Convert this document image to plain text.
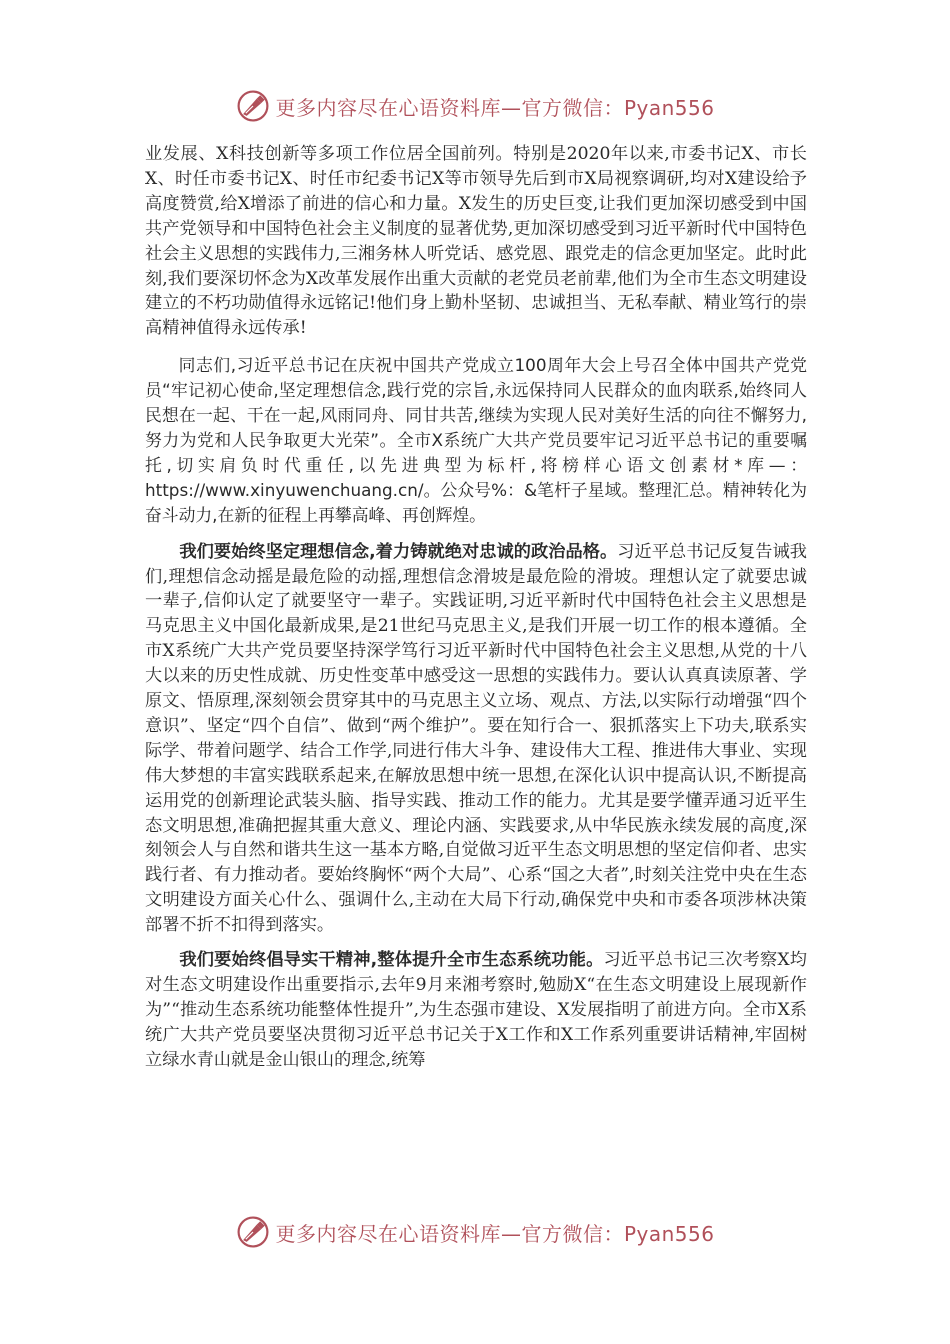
更多内容尽在心语资料库—官方微信：Pyan556

业发展、X科技创新等多项工作位居全国前列。特别是2020年以来,市委书记X、市长X、时任市委书记X、时任市纪委书记X等市领导先后到市X局视察调研,均对X建设给予高度赞赏,给X增添了前进的信心和力量。X发生的历史巨变,让我们更加深切感受到中国共产党领导和中国特色社会主义制度的显著优势,更加深切感受到习近平新时代中国特色社会主义思想的实践伟力,三湘务林人听党话、感党恩、跟党走的信念更加坚定。此时此刻,我们要深切怀念为X改革发展作出重大贡献的老党员老前辈,他们为全市生态文明建设建立的不朽功勋值得永远铭记!他们身上勤朴坚韧、忠诚担当、无私奉献、精业笃行的崇高精神值得永远传承!

同志们,习近平总书记在庆祝中国共产党成立100周年大会上号召全体中国共产党党员“牢记初心使命,坚定理想信念,践行党的宗旨,永远保持同人民群众的血肉联系,始终同人民想在一起、干在一起,风雨同舟、同甘共苦,继续为实现人民对美好生活的向往不懈努力,努力为党和人民争取更大光荣”。全市X系统广大共产党员要牢记习近平总书记的重要嘱托,切实肩负时代重任,以先进典型为标杆,将榜样心语文创素材*库—：https://www.xinyuwenchuang.cn/。公众号%：&笔杆子星域。整理汇总。精神转化为奋斗动力,在新的征程上再攀高峰、再创辉煌。

我们要始终坚定理想信念,着力铸就绝对忠诚的政治品格。习近平总书记反复告诫我们,理想信念动摇是最危险的动摇,理想信念滑坡是最危险的滑坡。理想认定了就要忠诚一辈子,信仰认定了就要坚守一辈子。实践证明,习近平新时代中国特色社会主义思想是马克思主义中国化最新成果,是21世纪马克思主义,是我们开展一切工作的根本遵循。全市X系统广大共产党员要坚持深学笃行习近平新时代中国特色社会主义思想,从党的十八大以来的历史性成就、历史性变革中感受这一思想的实践伟力。要认认真真读原著、学原文、悟原理,深刻领会贯穿其中的马克思主义立场、观点、方法,以实际行动增强“四个意识”、坚定“四个自信”、做到“两个维护”。要在知行合一、狠抓落实上下功夫,联系实际学、带着问题学、结合工作学,同进行伟大斗争、建设伟大工程、推进伟大事业、实现伟大梦想的丰富实践联系起来,在解放思想中统一思想,在深化认识中提高认识,不断提高运用党的创新理论武装头脑、指导实践、推动工作的能力。尤其是要学懂弄通习近平生态文明思想,准确把握其重大意义、理论内涵、实践要求,从中华民族永续发展的高度,深刻领会人与自然和谐共生这一基本方略,自觉做习近平生态文明思想的坚定信仰者、忠实践行者、有力推动者。要始终胸怀“两个大局”、心系“国之大者”,时刻关注党中央在生态文明建设方面关心什么、强调什么,主动在大局下行动,确保党中央和市委各项涉林决策部署不折不扣得到落实。

我们要始终倡导实干精神,整体提升全市生态系统功能。习近平总书记三次考察X均对生态文明建设作出重要指示,去年9月来湘考察时,勉励X“在生态文明建设上展现新作为”“推动生态系统功能整体性提升”,为生态强市建设、X发展指明了前进方向。全市X系统广大共产党员要坚决贯彻习近平总书记关于X工作和X工作系列重要讲话精神,牢固树立绿水青山就是金山银山的理念,统筹

更多内容尽在心语资料库—官方微信：Pyan556
